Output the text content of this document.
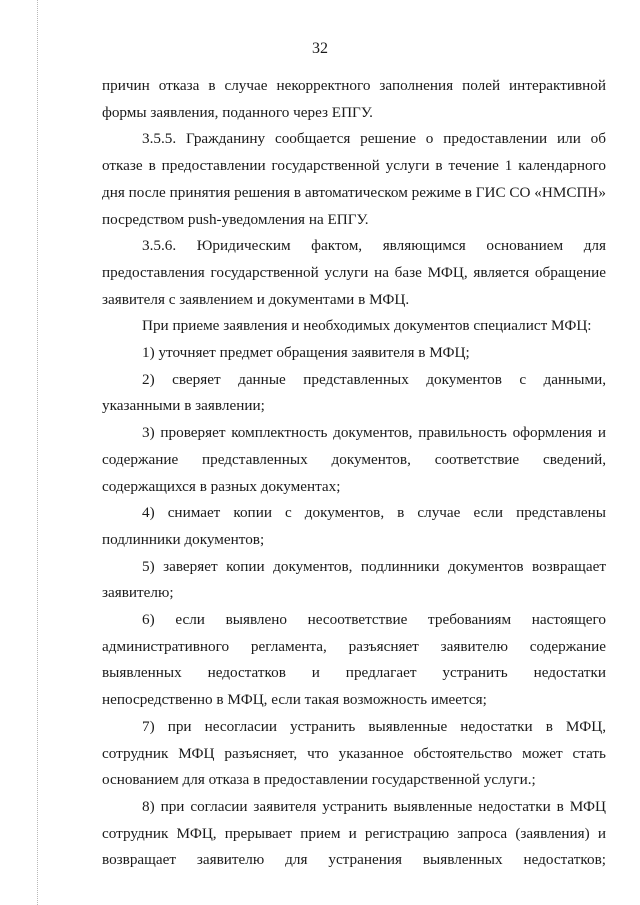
32

причин отказа в случае некорректного заполнения полей интерактивной формы заявления, поданного через ЕПГУ.

3.5.5. Гражданину сообщается решение о предоставлении или об отказе в предоставлении государственной услуги в течение 1 календарного дня после принятия решения в автоматическом режиме в ГИС СО «НМСПН» посредством push-уведомления на ЕПГУ.

3.5.6. Юридическим фактом, являющимся основанием для предоставления государственной услуги на базе МФЦ, является обращение заявителя с заявлением и документами в МФЦ.

При приеме заявления и необходимых документов специалист МФЦ:

1) уточняет предмет обращения заявителя в МФЦ;

2) сверяет данные представленных документов с данными, указанными в заявлении;

3) проверяет комплектность документов, правильность оформления и содержание представленных документов, соответствие сведений, содержащихся в разных документах;

4) снимает копии с документов, в случае если представлены подлинники документов;

5) заверяет копии документов, подлинники документов возвращает заявителю;

6) если выявлено несоответствие требованиям настоящего административного регламента, разъясняет заявителю содержание выявленных недостатков и предлагает устранить недостатки непосредственно в МФЦ, если такая возможность имеется;

7) при несогласии устранить выявленные недостатки в МФЦ, сотрудник МФЦ разъясняет, что указанное обстоятельство может стать основанием для отказа в предоставлении государственной услуги.;

8) при согласии заявителя устранить выявленные недостатки в МФЦ сотрудник МФЦ, прерывает прием и регистрацию запроса (заявления) и возвращает заявителю для устранения выявленных недостатков;
